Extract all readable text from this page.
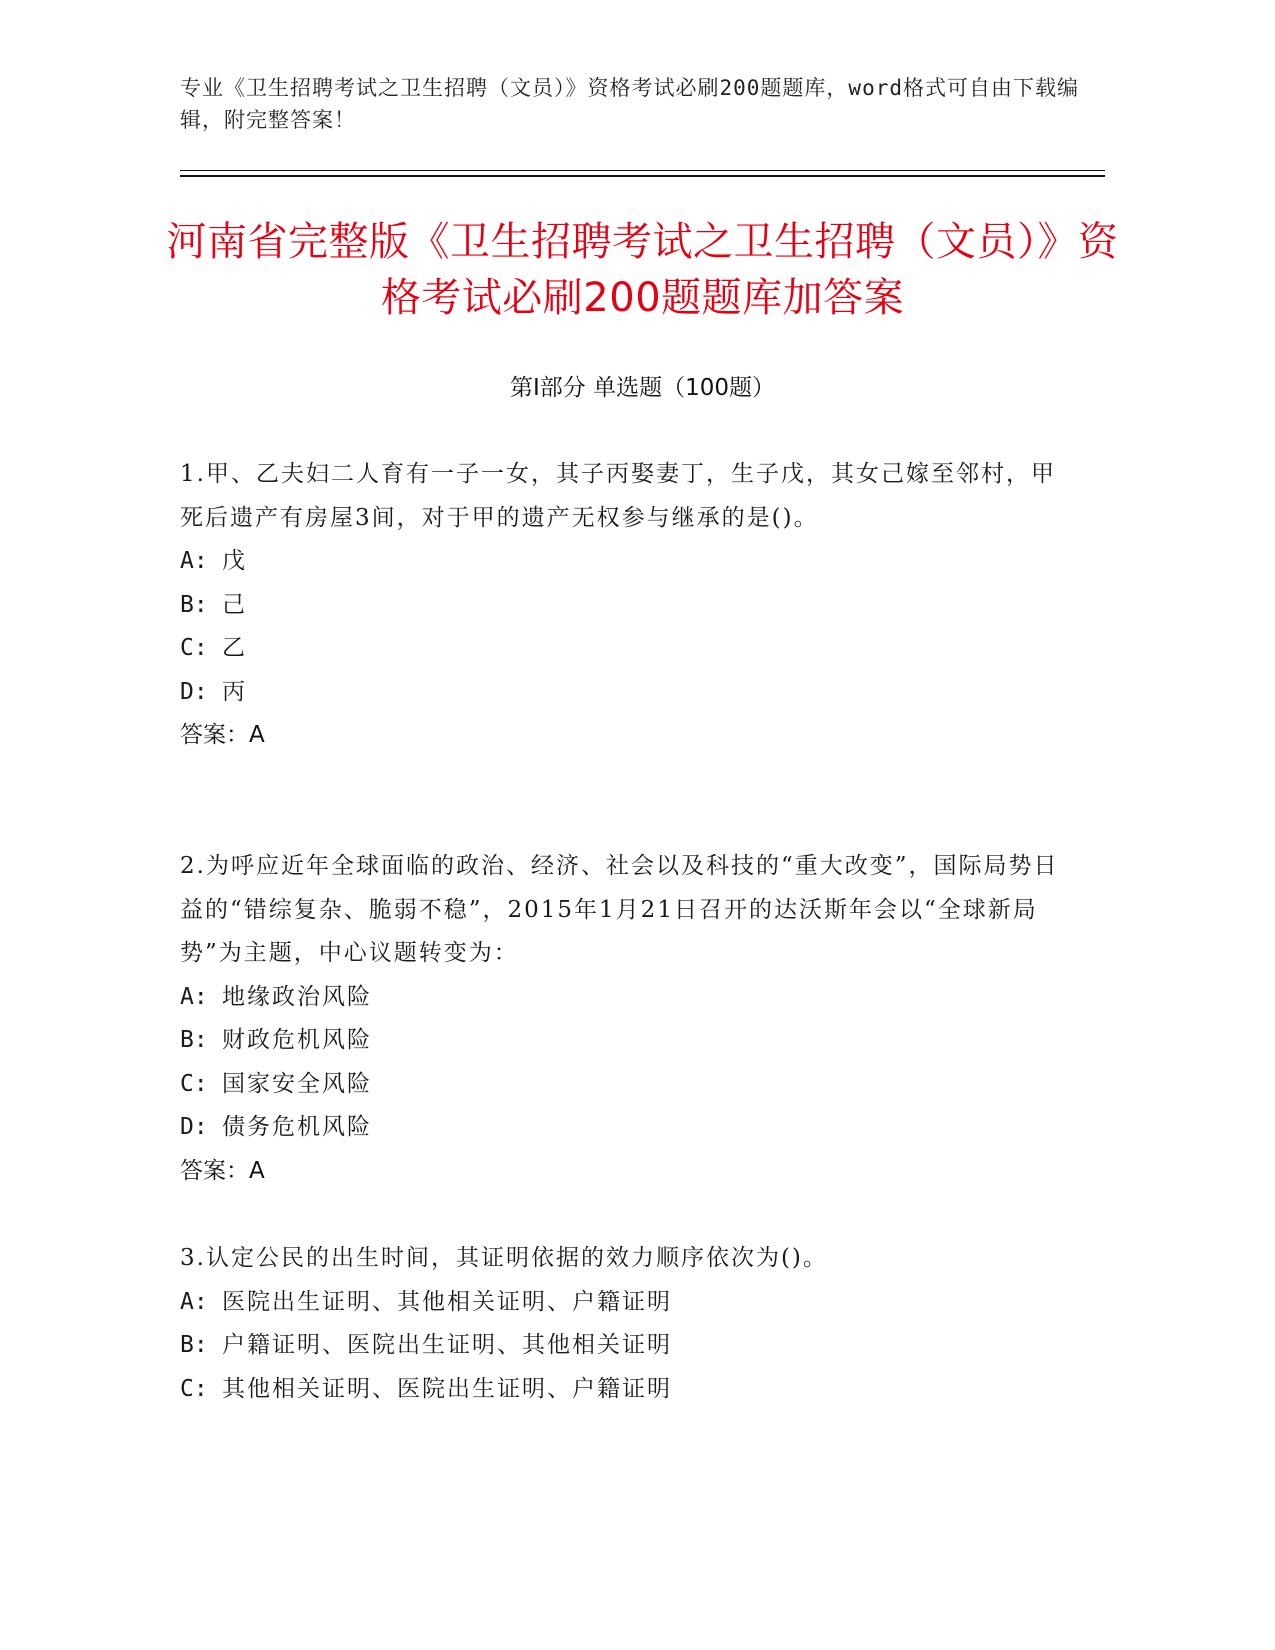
专业《卫生招聘考试之卫生招聘（文员）》资格考试必刷200题题库，word格式可自由下载编辑，附完整答案！

河南省完整版《卫生招聘考试之卫生招聘（文员）》资格考试必刷200题题库加答案
第Ⅰ部分 单选题（100题）

1.甲、乙夫妇二人育有一子一女，其子丙娶妻丁，生子戊，其女己嫁至邻村，甲死后遗产有房屋3间，对于甲的遗产无权参与继承的是()。

A: 戊

B: 己

C: 乙

D: 丙

答案：A

2.为呼应近年全球面临的政治、经济、社会以及科技的“重大改变”，国际局势日益的“错综复杂、脆弱不稳”，2015年1月21日召开的达沃斯年会以“全球新局势”为主题，中心议题转变为：

A: 地缘政治风险

B: 财政危机风险

C: 国家安全风险

D: 债务危机风险

答案：A

3.认定公民的出生时间，其证明依据的效力顺序依次为()。

A: 医院出生证明、其他相关证明、户籍证明

B: 户籍证明、医院出生证明、其他相关证明

C: 其他相关证明、医院出生证明、户籍证明
